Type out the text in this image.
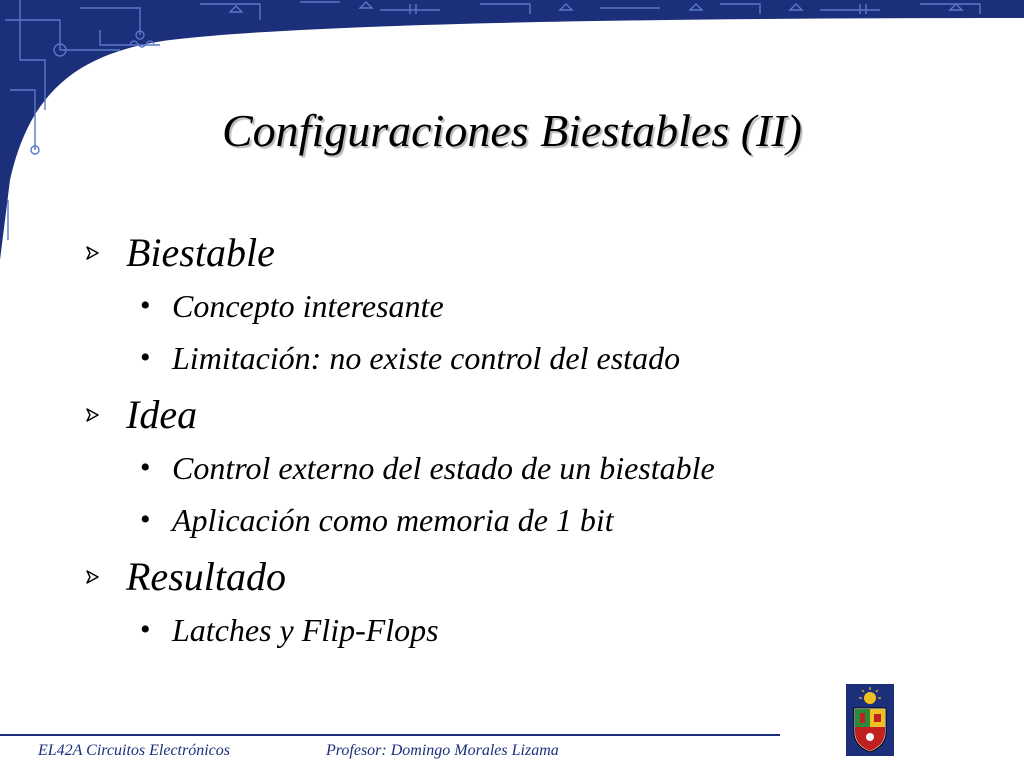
Configuraciones Biestables (II)
Biestable
• Concepto interesante
• Limitación: no existe control del estado
Idea
• Control externo del estado de un biestable
• Aplicación como memoria de 1 bit
Resultado
• Latches y Flip-Flops
EL42A Circuitos Electrónicos	Profesor: Domingo Morales Lizama
